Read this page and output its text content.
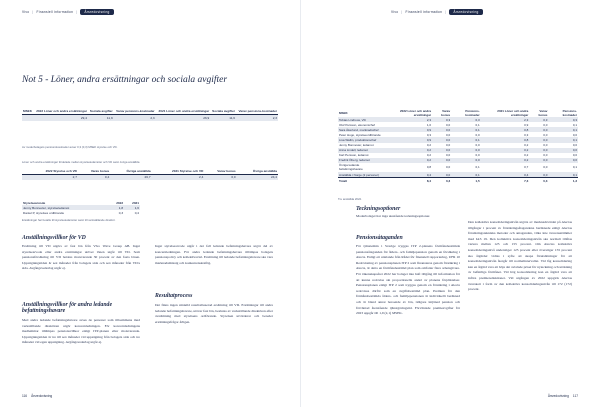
Vivo | Finansiell information | Årsredovisning
Not 5 - Löner, andra ersättningar och sociala avgifter
MSEK	2022 Löner och andra ersättningar	Sociala avgifter	Varav pensions-kostnader	2021 Löner och andra ersättningar	Sociala avgifter	Varav pensions-kostnader
	29,4	11,9	2,3	26,9	11,6	2,3
Av moderbolagets pensionskostnader avser 0,3 (0,3) MSEK styrelse och VD.
Löner och andra ersättningar fördelade mellan styrelseledamöter och VD samt övriga anställda
	2022 Styrelse och VD	Varav bonus	Övriga anställda	2021 Styrelse och VD	Varav bonus	Övriga anställda
	2,7	0,4	26,7	2,4	0,0	24,4
Styrelsearvode	2022	2021
Jenny Bonnevier, styrelseledamot	1,8	1,6
Daniel P, styrelses ordförande	0,3	0,4
Ersättningar har betalts till styrelseledamöter samt till verkställande direktör.
Anställningsvillkor för VD
Ersättning till VD utgörs av fast lön från Vivo Wave Group AB. Inget styrelsearvode eller andra ersättningar utöver lönen utgår till VD. Som pensionsförsäkring till VD betalas motsvarande 30 procent av den fasta lönen. Uppsägningstiden är sex månader från bolagets sida och sex månader från VD:s sida. Avgångsvederlag utgår ej.
Anställningsvillkor för andra ledande befattningshavare
Med andra ledande befattningshavare avses de personer som tillsammans med verkställande direktören utgör koncernledningen. För koncernledningens medlemmar tillämpas pensionsvillkor enligt ITP-planen eller motsvarande. Uppsägningstiden är tre till sex månader vid uppsägning från bolagets sida och tre månader vid egen uppsägning. Avgångsvederlag utgår ej.
Inget styrelsearvode utgår i det fall ledande befattningshavare utgör del av koncernledningen. För andra ledande befattningshavare tillämpas bolagets pensionspolicy och kollektivavtal. Ersättning till ledande befattningshavare ska vara marknadsmässig och konkurrenskraftig.
Resultatprocess
Det finns ingen särskild resultatbaserad ersättning till VD. Ersättningar till andra ledande befattningshavare, utöver fast lön, beslutas av verkställande direktören efter avstämning med styrelsens ordförande. Styrelsen utvärderar och bereder ersättningsfrågor årligen.
116 Årsredovisning
Vivo | Finansiell information | Årsredovisning
Årsredovisning 117
MSEK	2022 Löner och andra ersättningar	Varav bonus	Pensions-kostnader	2021 Löner och andra ersättningar	Varav bonus	Pensions-kostnader
Tobias Lindroos, VD	2,3	0,3	0,3	2,3	0,3	0,3
Olof Persson, ekonomichef	1,0	0,0	0,1	0,9	0,0	0,1
Sara Åkerlund, marknadschef	0,9	0,0	0,1	0,8	0,0	0,1
Peter Hugo, styrelseordförande	0,3	0,0	0,0	0,3	0,0	0,0
Lisa Wallin, produktionschef	0,9	0,0	0,1	0,8	0,0	0,1
Jenny Bonnevier, ledamot	0,2	0,0	0,0	0,2	0,0	0,0
Anna Lindell, ledamot	0,2	0,0	0,0	0,2	0,0	0,0
Karl Persson, ledamot	0,2	0,0	0,0	0,2	0,0	0,0
Fredrik Öberg, ledamot	0,2	0,0	0,0	0,2	0,0	0,0
Övriga ledande befattningshavare	0,8	0,0	0,1	0,7	0,0	0,1
Anställda i Norge (2 personer)	0,4	0,0	0,1	0,4	0,0	0,1
Totalt	8,4	0,3	1,5	7,3	0,3	1,3
Tre anställda 2022.
Teckningsoptioner
Moderbolaget har inga utestående teckningsoptioner.
Pensionsåtaganden
För tjänstemän i Sverige tryggas ITP 2-planens förmånsbestämda pensionsåtaganden för ålders- och familjepension genom en försäkring i Alecta. Enligt ett uttalande från Rådet för finansiell rapportering, UFR 10 Redovisning av pensionsplanen ITP 2 som finansieras genom försäkring i Alecta, är detta en förmånsbestämd plan som omfattar flera arbetsgivare. För räkenskapsåret 2022 har bolaget inte haft tillgång till information för att kunna redovisa sin proportionella andel av planens förpliktelser. Pensionsplanen enligt ITP 2 som tryggas genom en försäkring i Alecta redovisas därför som en avgiftsbestämd plan. Premien för den förmånsbestämda ålders- och familjepensionen är individuellt beräknad och är bland annat beroende av lön, tidigare intjänad pension och förväntad återstående tjänstgöringstid. Förväntade premieavgifter för 2023 uppgår till 1,9 (2,1) MSEK.
Den kollektiva konsolideringsnivån utgörs av marknadsvärdet på Alectas tillgångar i procent av försäkringsåtagandena beräknade enligt Alectas försäkringstekniska metoder och antaganden, vilka inte överensstämmer med IAS 19. Den kollektiva konsolideringsnivån ska normalt tillåtas variera mellan 125 och 155 procent. Om Alectas kollektiva konsolideringsnivå understiger 125 procent eller överstiger 155 procent ska åtgärder vidtas i syfte att skapa förutsättningar för att konsolideringsnivån återgår till normalintervallet. Vid låg konsolidering kan en åtgärd vara att höja det avtalade priset för nyteckning och utökning av befintliga förmåner. Vid hög konsolidering kan en åtgärd vara att införa premiereduktioner. Vid utgången av 2022 uppgick Alectas överskott i form av den kollektiva konsolideringsnivån till 172 (172) procent.
